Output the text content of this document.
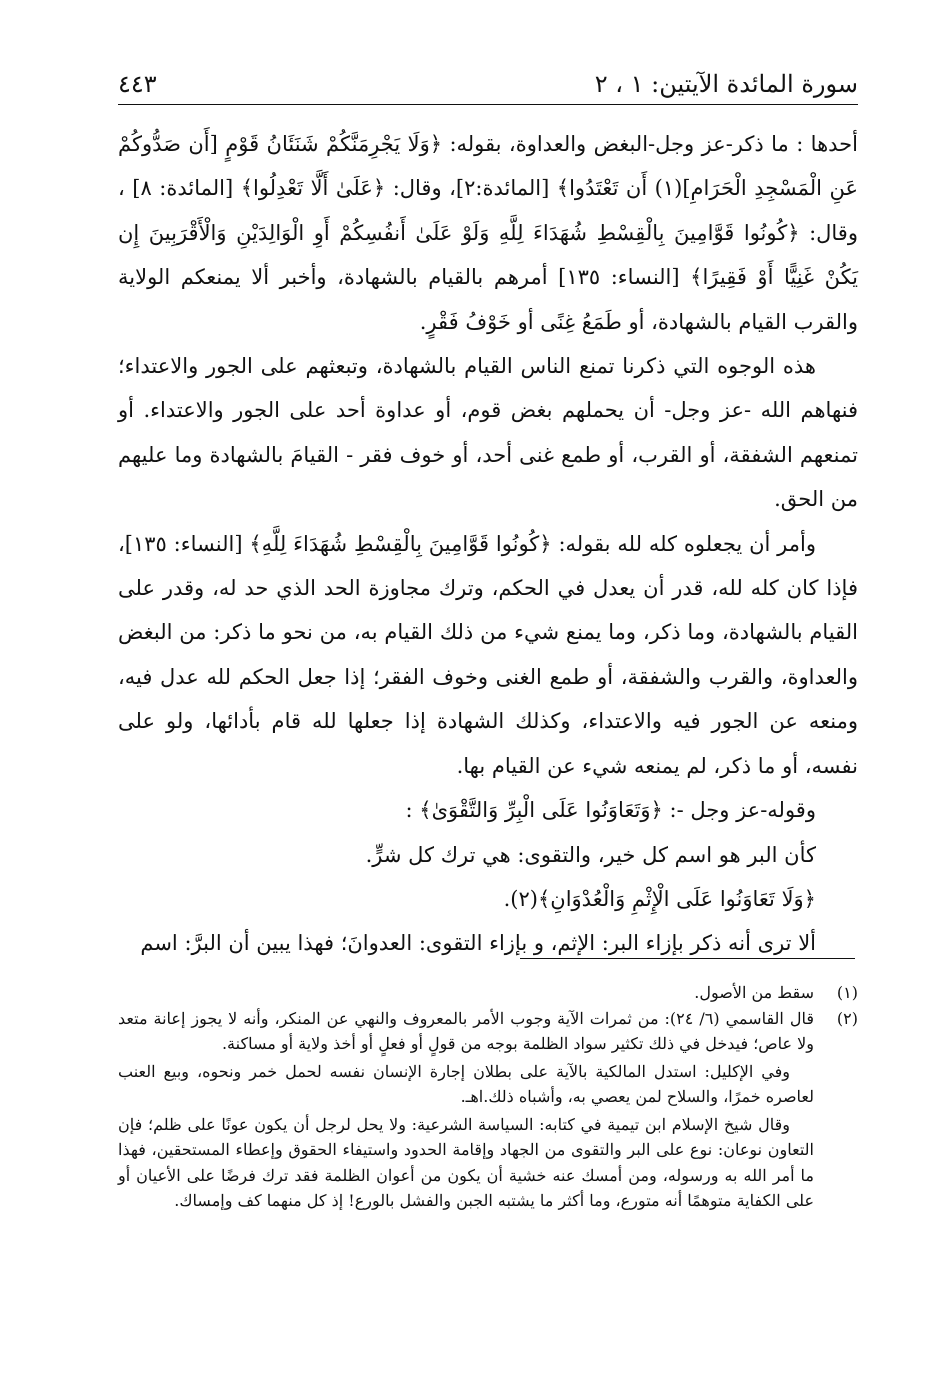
سورة المائدة الآيتين: ١ ، ٢
٤٤٣

أحدها : ما ذكر-عز وجل-البغض والعداوة، بقوله: ﴿وَلَا يَجْرِمَنَّكُمْ شَنَئَانُ قَوْمٍ [أَن صَدُّوكُمْ عَنِ الْمَسْجِدِ الْحَرَامِ](١) أَن تَعْتَدُوا﴾ [المائدة:٢]، وقال: ﴿عَلَىٰ أَلَّا تَعْدِلُوا﴾ [المائدة: ٨] ، وقال: ﴿كُونُوا قَوَّامِينَ بِالْقِسْطِ شُهَدَاءَ لِلَّهِ وَلَوْ عَلَىٰ أَنفُسِكُمْ أَوِ الْوَالِدَيْنِ وَالْأَقْرَبِينَ إِن يَكُنْ غَنِيًّا أَوْ فَقِيرًا﴾ [النساء: ١٣٥] أمرهم بالقيام بالشهادة، وأخبر ألا يمنعكم الولاية والقرب القيام بالشهادة، أو طَمَعُ غِنًى أو خَوْفُ فَقْرٍ.

هذه الوجوه التي ذكرنا تمنع الناس القيام بالشهادة، وتبعثهم على الجور والاعتداء؛ فنهاهم الله -عز وجل- أن يحملهم بغض قوم، أو عداوة أحد على الجور والاعتداء. أو تمنعهم الشفقة، أو القرب، أو طمع غنى أحد، أو خوف فقر - القيامَ بالشهادة وما عليهم من الحق.

وأمر أن يجعلوه كله لله بقوله: ﴿كُونُوا قَوَّامِينَ بِالْقِسْطِ شُهَدَاءَ لِلَّهِ﴾ [النساء: ١٣٥]، فإذا كان كله لله، قدر أن يعدل في الحكم، وترك مجاوزة الحد الذي حد له، وقدر على القيام بالشهادة، وما ذكر، وما يمنع شيء من ذلك القيام به، من نحو ما ذكر: من البغض والعداوة، والقرب والشفقة، أو طمع الغنى وخوف الفقر؛ إذا جعل الحكم لله عدل فيه، ومنعه عن الجور فيه والاعتداء، وكذلك الشهادة إذا جعلها لله قام بأدائها، ولو على نفسه، أو ما ذكر، لم يمنعه شيء عن القيام بها.

وقوله-عز وجل -: ﴿وَتَعَاوَنُوا عَلَى الْبِرِّ وَالتَّقْوَىٰ﴾ :

كأن البر هو اسم كل خير، والتقوى: هي ترك كل شرٍّ.

﴿وَلَا تَعَاوَنُوا عَلَى الْإِثْمِ وَالْعُدْوَانِ﴾(٢).

ألا ترى أنه ذكر بإزاء البر: الإثم، و بإزاء التقوى: العدوانَ؛ فهذا يبين أن البرَّ: اسم

(١)
سقط من الأصول.
(٢)
قال القاسمي (٦/ ٢٤): من ثمرات الآية وجوب الأمر بالمعروف والنهي عن المنكر، وأنه لا يجوز إعانة متعد ولا عاص؛ فيدخل في ذلك تكثير سواد الظلمة بوجه من قولٍ أو فعلٍ أو أخذ ولاية أو مساكنة.

وفي الإكليل: استدل المالكية بالآية على بطلان إجارة الإنسان نفسه لحمل خمر ونحوه، وبيع العنب لعاصره خمرًا، والسلاح لمن يعصي به، وأشباه ذلك.اهـ.

وقال شيخ الإسلام ابن تيمية في كتابه: السياسة الشرعية: ولا يحل لرجل أن يكون عونًا على ظلم؛ فإن التعاون نوعان: نوع على البر والتقوى من الجهاد وإقامة الحدود واستيفاء الحقوق وإعطاء المستحقين، فهذا ما أمر الله به ورسوله، ومن أمسك عنه خشية أن يكون من أعوان الظلمة فقد ترك فرضًا على الأعيان أو على الكفاية متوهمًا أنه متورع، وما أكثر ما يشتبه الجبن والفشل بالورع! إذ كل منهما كف وإمساك.
